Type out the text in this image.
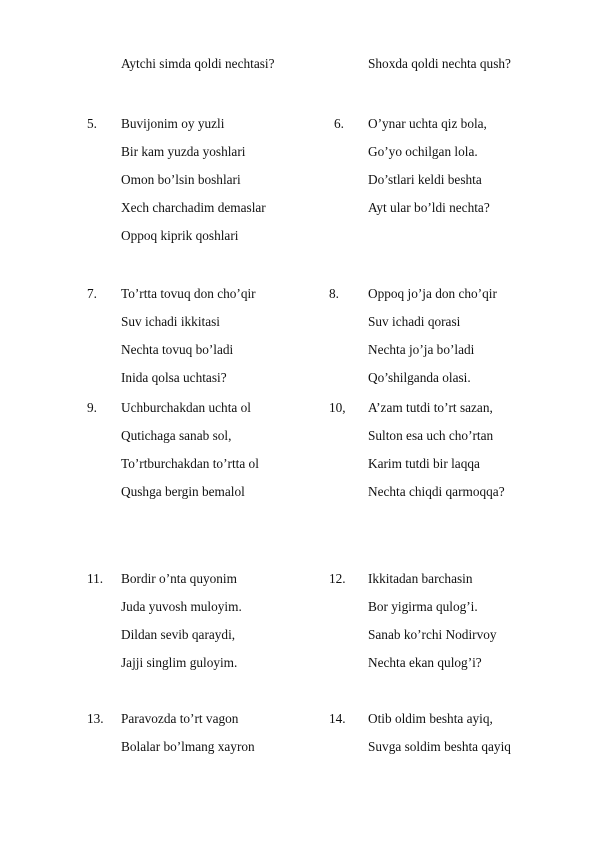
Aytchi simda qoldi nechtasi?	Shoxda qoldi nechta qush?
5. Buvijonim oy yuzli
Bir kam yuzda yoshlari
Omon bo’lsin boshlari
Xech charchadim demaslar
Oppoq kiprik qoshlari
6. O’ynar uchta qiz bola,
Go’yo ochilgan lola.
Do’stlari keldi beshta
Ayt ular bo’ldi nechta?
7. To’rtta tovuq don cho’qir
Suv ichadi ikkitasi
Nechta tovuq bo’ladi
Inida qolsa uchtasi?
8. Oppoq jo’ja don cho’qir
Suv ichadi qorasi
Nechta jo’ja bo’ladi
Qo’shilganda olasi.
9. Uchburchakdan uchta ol
Qutichaga sanab sol,
To’rtburchakdan to’rtta ol
Qushga bergin bemalol
10, A’zam tutdi to’rt sazan,
Sulton esa uch cho’rtan
Karim tutdi bir laqqa
Nechta chiqdi qarmoqqa?
11. Bordir o’nta quyonim
Juda yuvosh muloyim.
Dildan sevib qaraydi,
Jajji singlim guloyim.
12. Ikkitadan barchasin
Bor yigirma qulog’i.
Sanab ko’rchi Nodirvoy
Nechta ekan qulog’i?
13. Paravozda to’rt vagon
Bolalar bo’lmang xayron
14. Otib oldim beshta ayiq,
Suvga soldim beshta qayiq
